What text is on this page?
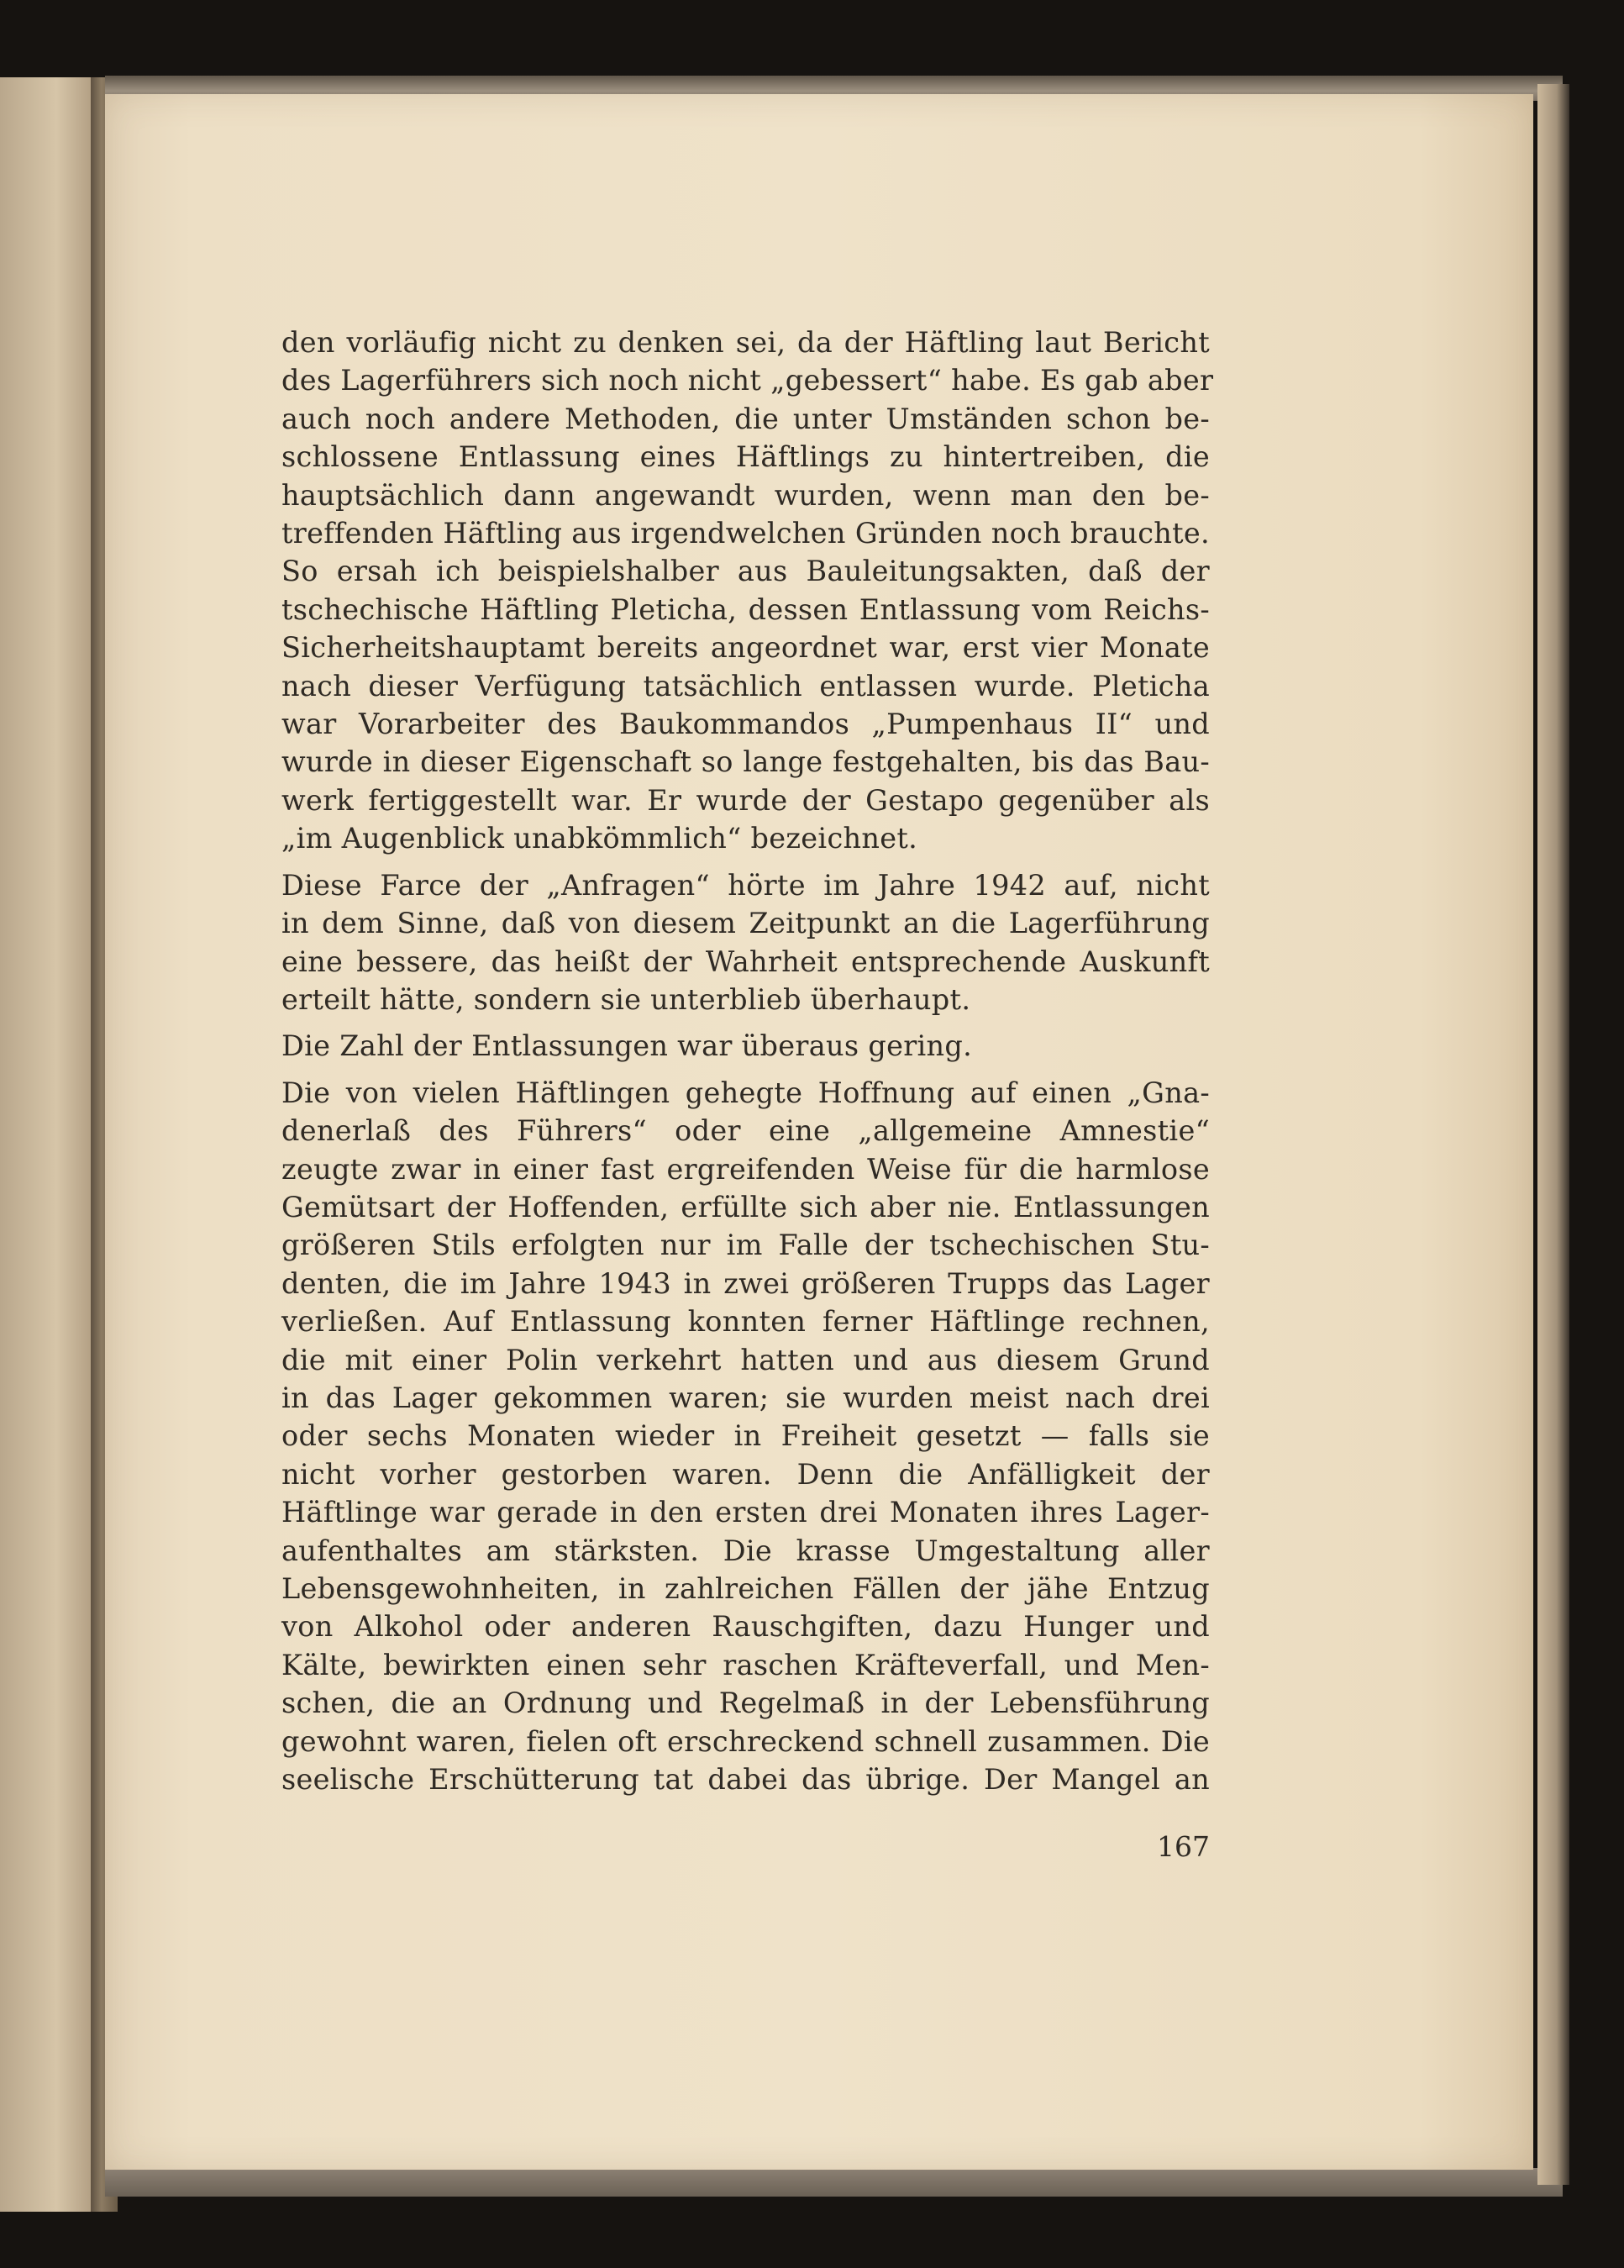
den vorläufig nicht zu denken sei, da der Häftling laut Bericht
des Lagerführers sich noch nicht „gebessert“ habe. Es gab aber
auch noch andere Methoden, die unter Umständen schon be-
schlossene Entlassung eines Häftlings zu hintertreiben, die
hauptsächlich dann angewandt wurden, wenn man den be-
treffenden Häftling aus irgendwelchen Gründen noch brauchte.
So ersah ich beispielshalber aus Bauleitungsakten, daß der
tschechische Häftling Pleticha, dessen Entlassung vom Reichs-
Sicherheitshauptamt bereits angeordnet war, erst vier Monate
nach dieser Verfügung tatsächlich entlassen wurde. Pleticha
war Vorarbeiter des Baukommandos „Pumpenhaus II“ und
wurde in dieser Eigenschaft so lange festgehalten, bis das Bau-
werk fertiggestellt war. Er wurde der Gestapo gegenüber als
„im Augenblick unabkömmlich“ bezeichnet.
Diese Farce der „Anfragen“ hörte im Jahre 1942 auf, nicht
in dem Sinne, daß von diesem Zeitpunkt an die Lagerführung
eine bessere, das heißt der Wahrheit entsprechende Auskunft
erteilt hätte, sondern sie unterblieb überhaupt.
Die Zahl der Entlassungen war überaus gering.
Die von vielen Häftlingen gehegte Hoffnung auf einen „Gna-
denerlaß des Führers“ oder eine „allgemeine Amnestie“
zeugte zwar in einer fast ergreifenden Weise für die harmlose
Gemütsart der Hoffenden, erfüllte sich aber nie. Entlassungen
größeren Stils erfolgten nur im Falle der tschechischen Stu-
denten, die im Jahre 1943 in zwei größeren Trupps das Lager
verließen. Auf Entlassung konnten ferner Häftlinge rechnen,
die mit einer Polin verkehrt hatten und aus diesem Grund
in das Lager gekommen waren; sie wurden meist nach drei
oder sechs Monaten wieder in Freiheit gesetzt — falls sie
nicht vorher gestorben waren. Denn die Anfälligkeit der
Häftlinge war gerade in den ersten drei Monaten ihres Lager-
aufenthaltes am stärksten. Die krasse Umgestaltung aller
Lebensgewohnheiten, in zahlreichen Fällen der jähe Entzug
von Alkohol oder anderen Rauschgiften, dazu Hunger und
Kälte, bewirkten einen sehr raschen Kräfteverfall, und Men-
schen, die an Ordnung und Regelmaß in der Lebensführung
gewohnt waren, fielen oft erschreckend schnell zusammen. Die
seelische Erschütterung tat dabei das übrige. Der Mangel an
167
